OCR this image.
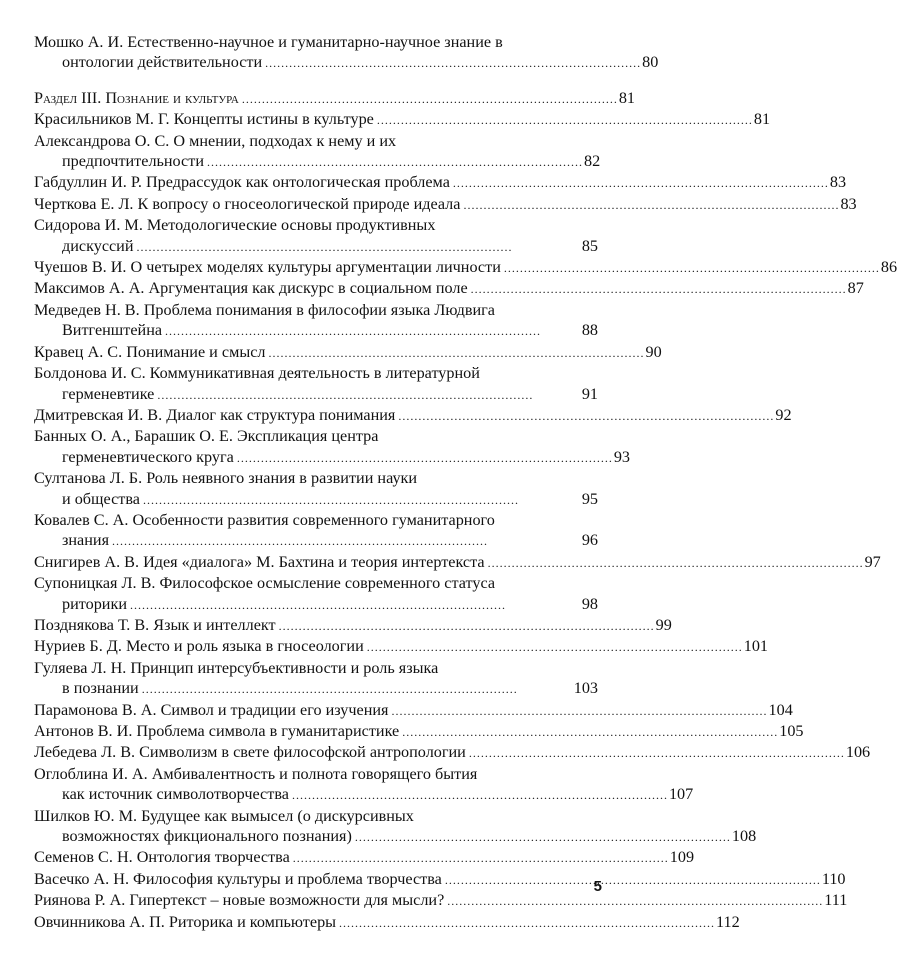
Мошко А. И. Естественно-научное и гуманитарно-научное знание в
онтологии действительности . . .	80
Раздел III. Познание и культура . . .	81
Красильников М. Г. Концепты истины в культуре . . .	81
Александрова О. С. О мнении, подходах к нему и их
предпочтительности . . .	82
Габдуллин И. Р. Предрассудок как онтологическая проблема . . .	83
Черткова Е. Л. К вопросу о гносеологической природе идеала . . .	83
Сидорова И. М. Методологические основы продуктивных
дискуссий . . .	85
Чуешов В. И. О четырех моделях культуры аргументации личности . . .	86
Максимов А. А. Аргументация как дискурс в социальном поле . . .	87
Медведев Н. В. Проблема понимания в философии языка Людвига
Витгенштейна . . .	88
Кравец А. С. Понимание и смысл . . .	90
Болдонова И. С. Коммуникативная деятельность в литературной
герменевтике . . .	91
Дмитревская И. В. Диалог как структура понимания . . .	92
Банных О. А., Барашик О. Е. Экспликация центра
герменевтического круга . . .	93
Султанова Л. Б. Роль неявного знания в развитии науки
и общества . . .	95
Ковалев С. А. Особенности развития современного гуманитарного
знания . . .	96
Снигирев А. В. Идея «диалога» М. Бахтина и теория интертекста . . .	97
Супоницкая Л. В. Философское осмысление современного статуса
риторики . . .	98
Позднякова Т. В. Язык и интеллект . . .	99
Нуриев Б. Д. Место и роль языка в гносеологии . . .	101
Гуляева Л. Н. Принцип интерсубъективности и роль языка
в познании . . .	103
Парамонова В. А. Символ и традиции его изучения . . .	104
Антонов В. И. Проблема символа в гуманитаристике . . .	105
Лебедева Л. В. Символизм в свете философской антропологии . . .	106
Оглоблина И. А. Амбивалентность и полнота говорящего бытия
как источник символотворчества . . .	107
Шилков Ю. М. Будущее как вымысел (о дискурсивных
возможностях фикционального познания) . . .	108
Семенов С. Н. Онтология творчества . . .	109
Васечко А. Н. Философия культуры и проблема творчества . . .	110
Риянова Р. А. Гипертекст – новые возможности для мысли? . . .	111
Овчинникова А. П. Риторика и компьютеры . . .	112
5
